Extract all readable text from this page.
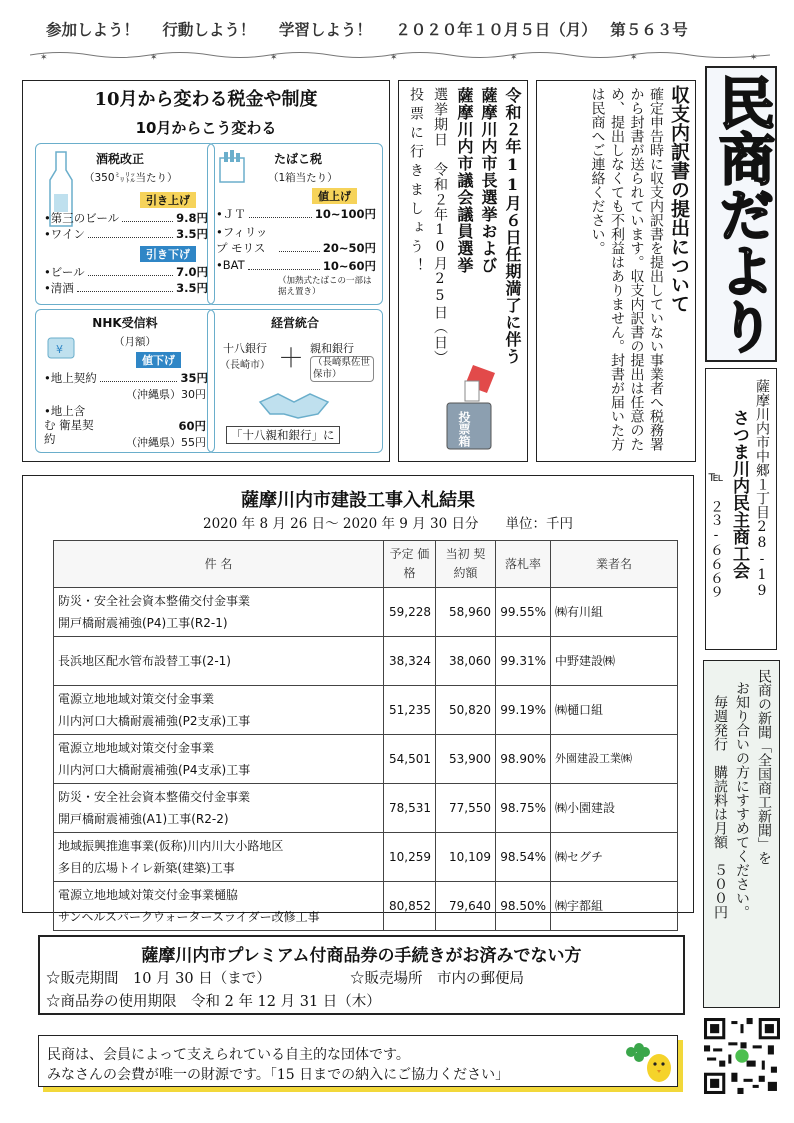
参加しよう！ 行動しよう！ 学習しよう！ ２０２０年１０月５日（月） 第５６３号
✶	✶	✶	✶	✶	✶	✶
10月から変わる税金や制度
10月からこう変わる
酒税改正
（350㍉㍑当たり）
引き上げ
•第三のビール	9.8円
•ワイン	3.5円
引き下げ
•ビール	7.0円
•清酒	3.5円
たばこ税
（1箱当たり）
値上げ
•ＪＴ	10~100円
•フィリップ モリス	20~50円
•BAT	10~60円
（加熱式たばこの一部は据え置き）
NHK受信料
¥
（月額）
値下げ
•地上契約	35円
（沖縄県）30円
•地上含む 衛星契約
60円
（沖縄県）55円
経営統合
十八銀行
（長崎市） ＋ 親和銀行
（長崎県佐世保市）
「十八親和銀行」に
令和２年11月６日任期満了に伴う
薩摩川内市長選挙および
薩摩川内市議会議員選挙
選挙期日　令和２年10月25日（日）
投票に行きましょう！
投票箱
収支内訳書の提出について
確定申告時に収支内訳書を提出していない事業者へ税務署から封書が送られています。収支内訳書の提出は任意のため、提出しなくても不利益はありません。封書が届いた方は民商へご連絡ください。	民商だより
薩摩川内市中郷１丁目28-19
さつま川内民主商工会
℡　２３-６６６９
薩摩川内市建設工事入札結果
2020 年 8 月 26 日～ 2020 年 9 月 30 日分　　単位：千円
件 名	予定 価格	当初 契約額	落札率	業者名

防災・安全社会資本整備交付金事業
開戸橋耐震補強(P4)工事(R2-1)	59,228	58,960	99.55%	㈱有川組

長浜地区配水管布設替工事(2-1)	38,324	38,060	99.31%	中野建設㈱

電源立地地域対策交付金事業
川内河口大橋耐震補強(P2支承)工事	51,235	50,820	99.19%	㈱樋口組

電源立地地域対策交付金事業
川内河口大橋耐震補強(P4支承)工事	54,501	53,900	98.90%	外園建設工業㈱

防災・安全社会資本整備交付金事業
開戸橋耐震補強(A1)工事(R2-2)	78,531	77,550	98.75%	㈱小園建設

地域振興推進事業(仮称)川内川大小路地区
多目的広場トイレ新築(建築)工事	10,259	10,109	98.54%	㈱セグチ

電源立地地域対策交付金事業樋脇
サンヘルスパークウォータースライダー改修工事	80,852	79,640	98.50%	㈱宇都組
民商の新聞「全国商工新聞」を
お知り合いの方にすすめてください。
毎週発行　購読料は月額　５００円
薩摩川内市プレミアム付商品券の手続きがお済みでない方
☆販売期間　10 月 30 日（まで）	☆販売場所　市内の郵便局
☆商品券の使用期限　令和 2 年 12 月 31 日（木）
民商は、会員によって支えられている自主的な団体です。
みなさんの会費が唯一の財源です。「15 日までの納入にご協力ください」
